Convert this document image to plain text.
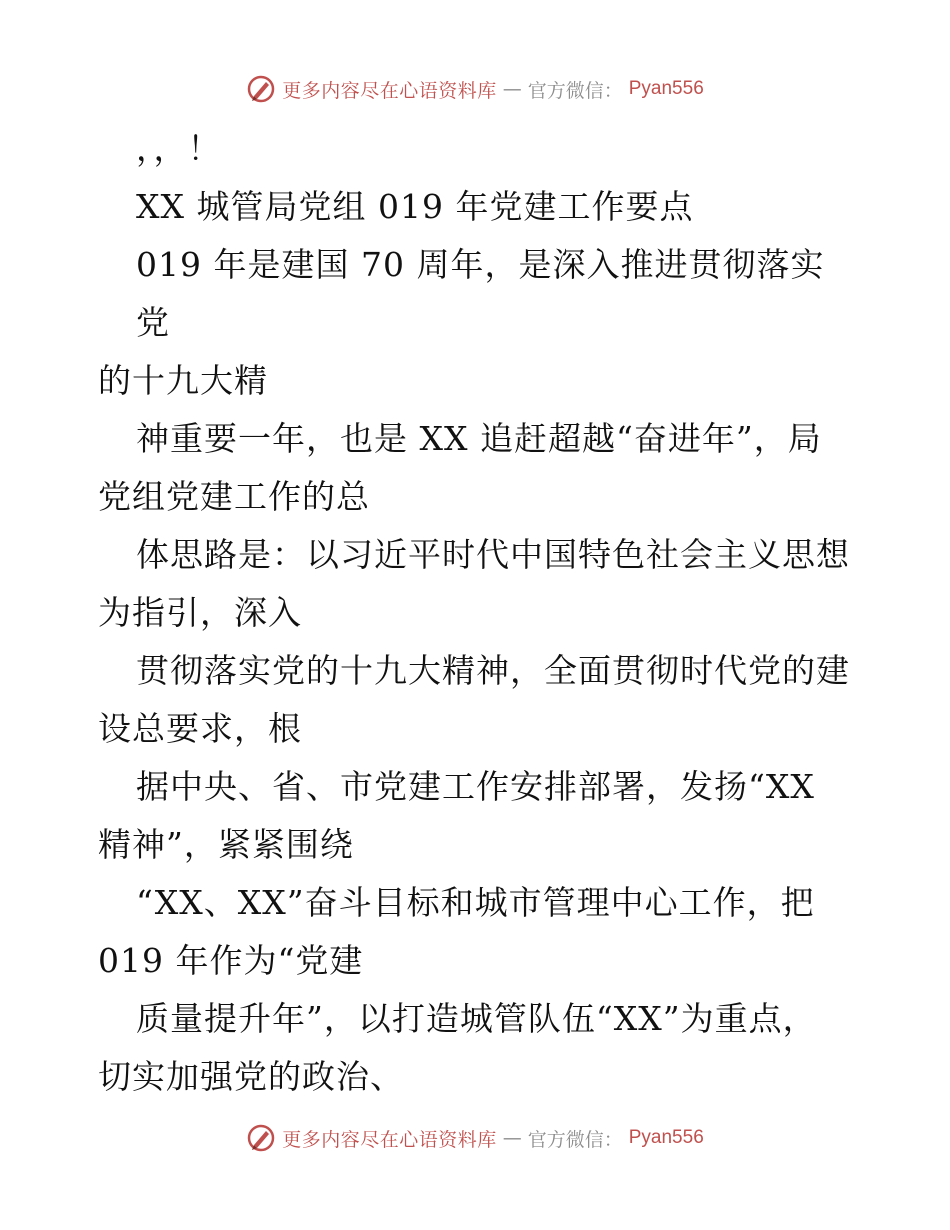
更多内容尽在心语资料库 — 官方微信： Pyan556

，，！

XX 城管局党组 019 年党建工作要点

019 年是建国 70 周年，是深入推进贯彻落实党

的十九大精

神重要一年，也是 XX 追赶超越“奋进年”，局

党组党建工作的总

体思路是：以习近平时代中国特色社会主义思想

为指引，深入

贯彻落实党的十九大精神，全面贯彻时代党的建

设总要求，根

据中央、省、市党建工作安排部署，发扬“XX

精神”，紧紧围绕

“XX、XX”奋斗目标和城市管理中心工作，把

019 年作为“党建

质量提升年”，以打造城管队伍“XX”为重点，

切实加强党的政治、

更多内容尽在心语资料库 — 官方微信： Pyan556
